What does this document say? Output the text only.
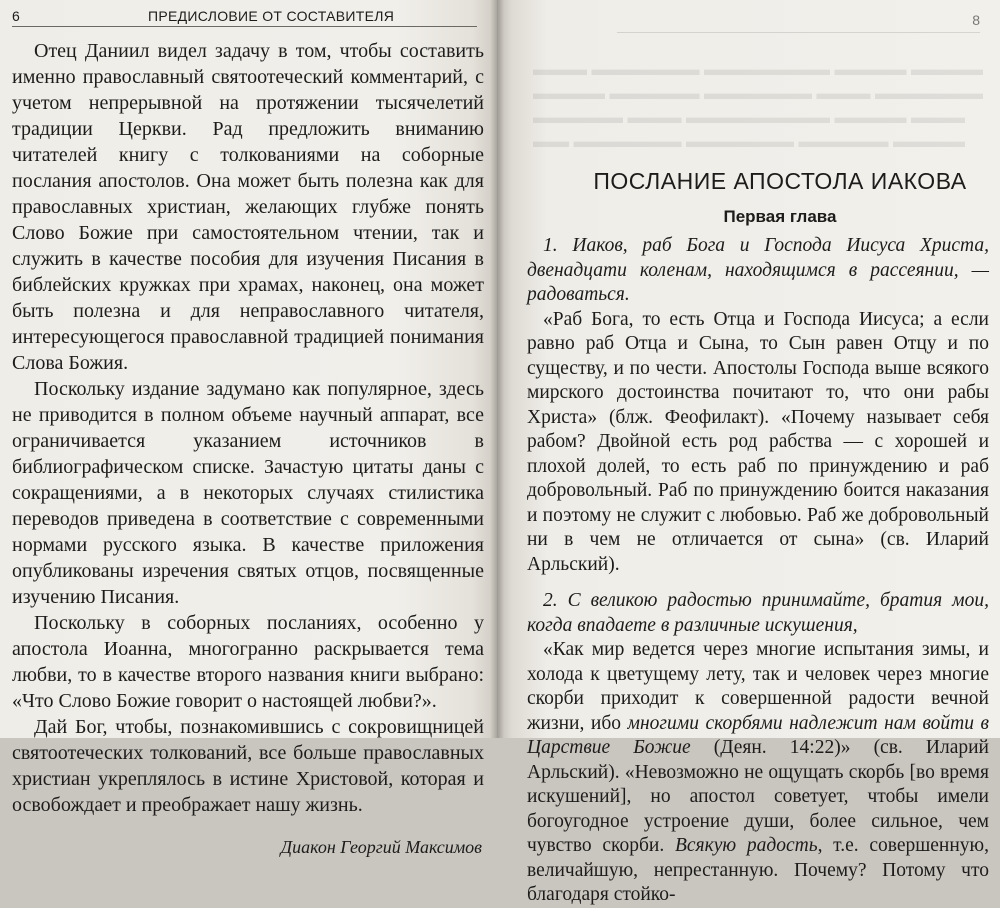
6	ПРЕДИСЛОВИЕ ОТ СОСТАВИТЕЛЯ

Отец Даниил видел задачу в том, чтобы составить именно православный святоотеческий комментарий, с учетом непрерывной на протяжении тысячелетий традиции Церкви. Рад предложить вниманию читателей книгу с толкованиями на соборные послания апостолов. Она может быть полезна как для православных христиан, желающих глубже понять Слово Божие при самостоятельном чтении, так и служить в качестве пособия для изучения Писания в библейских кружках при храмах, наконец, она может быть полезна и для неправославного читателя, интересующегося православной традицией понимания Слова Божия.

Поскольку издание задумано как популярное, здесь не приводится в полном объеме научный аппарат, все ограничивается указанием источников в библиографическом списке. Зачастую цитаты даны с сокращениями, а в некоторых случаях стилистика переводов приведена в соответствие с современными нормами русского языка. В качестве приложения опубликованы изречения святых отцов, посвященные изучению Писания.

Поскольку в соборных посланиях, особенно у апостола Иоанна, многогранно раскрывается тема любви, то в качестве второго названия книги выбрано: «Что Слово Божие говорит о настоящей любви?».

Дай Бог, чтобы, познакомившись с сокровищницей святоотеческих толкований, все больше православных христиан укреплялось в истине Христовой, которая и освобождает и преображает нашу жизнь.

Диакон Георгий Максимов

▬▬▬ ▬▬▬▬▬▬ ▬▬▬▬▬▬▬ ▬▬▬▬ ▬▬▬▬
▬▬▬▬ ▬▬▬▬▬ ▬▬▬▬▬▬ ▬▬▬ ▬▬▬▬▬▬
▬▬▬▬▬ ▬▬▬ ▬▬▬▬▬▬▬▬ ▬▬▬▬ ▬▬▬
▬▬ ▬▬▬▬▬▬ ▬▬▬▬▬▬ ▬▬▬▬▬ ▬▬▬▬
8
ПОСЛАНИЕ АПОСТОЛА ИАКОВА
Первая глава

1. Иаков, раб Бога и Господа Иисуса Христа, двенадцати коленам, находящимся в рассеянии, — радоваться.

«Раб Бога, то есть Отца и Господа Иисуса; а если равно раб Отца и Сына, то Сын равен Отцу и по существу, и по чести. Апостолы Господа выше всякого мирского достоинства почитают то, что они рабы Христа» (блж. Феофилакт). «Почему называет себя рабом? Двойной есть род рабства — с хорошей и плохой долей, то есть раб по принуждению и раб добровольный. Раб по принуждению боится наказания и поэтому не служит с любовью. Раб же добровольный ни в чем не отличается от сына» (св. Иларий Арльский).

2. С великою радостью принимайте, братия мои, когда впадаете в различные искушения,

«Как мир ведется через многие испытания зимы, и холода к цветущему лету, так и человек через многие скорби приходит к совершенной радости вечной жизни, ибо многими скорбями надлежит нам войти в Царствие Божие (Деян. 14:22)» (св. Иларий Арльский). «Невозможно не ощущать скорбь [во время искушений], но апостол советует, чтобы имели богоугодное устроение души, более сильное, чем чувство скорби. Всякую радость, т.е. совершенную, величайшую, непрестанную. Почему? Потому что благодаря стойко-
